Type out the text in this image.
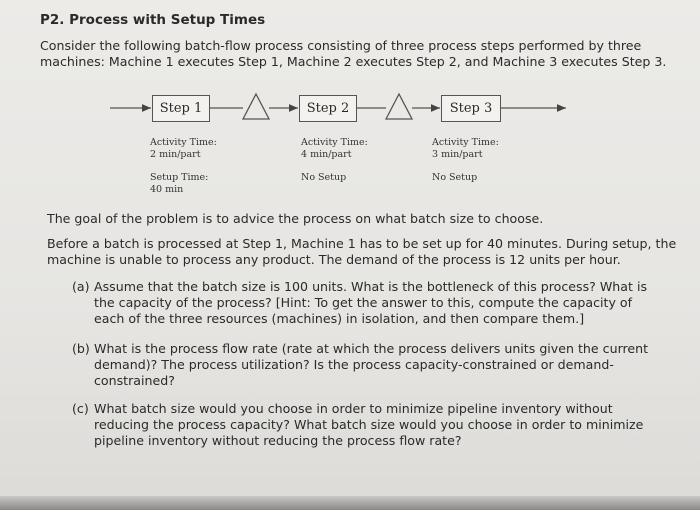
P2. Process with Setup Times
Consider the following batch-flow process consisting of three process steps performed by three
machines: Machine 1 executes Step 1, Machine 2 executes Step 2, and Machine 3 executes Step 3.
Step 1	Step 2	Step 3
Activity Time:
2 min/part
Setup Time:
40 min
Activity Time:
4 min/part
No Setup
Activity Time:
3 min/part
No Setup
The goal of the problem is to advice the process on what batch size to choose.
Before a batch is processed at Step 1, Machine 1 has to be set up for 40 minutes. During setup, the
machine is unable to process any product. The demand of the process is 12 units per hour.
(a) Assume that the batch size is 100 units. What is the bottleneck of this process? What is
the capacity of the process? [Hint: To get the answer to this, compute the capacity of
each of the three resources (machines) in isolation, and then compare them.]
(b) What is the process flow rate (rate at which the process delivers units given the current
demand)? The process utilization? Is the process capacity-constrained or demand-
constrained?
(c) What batch size would you choose in order to minimize pipeline inventory without
reducing the process capacity? What batch size would you choose in order to minimize
pipeline inventory without reducing the process flow rate?
